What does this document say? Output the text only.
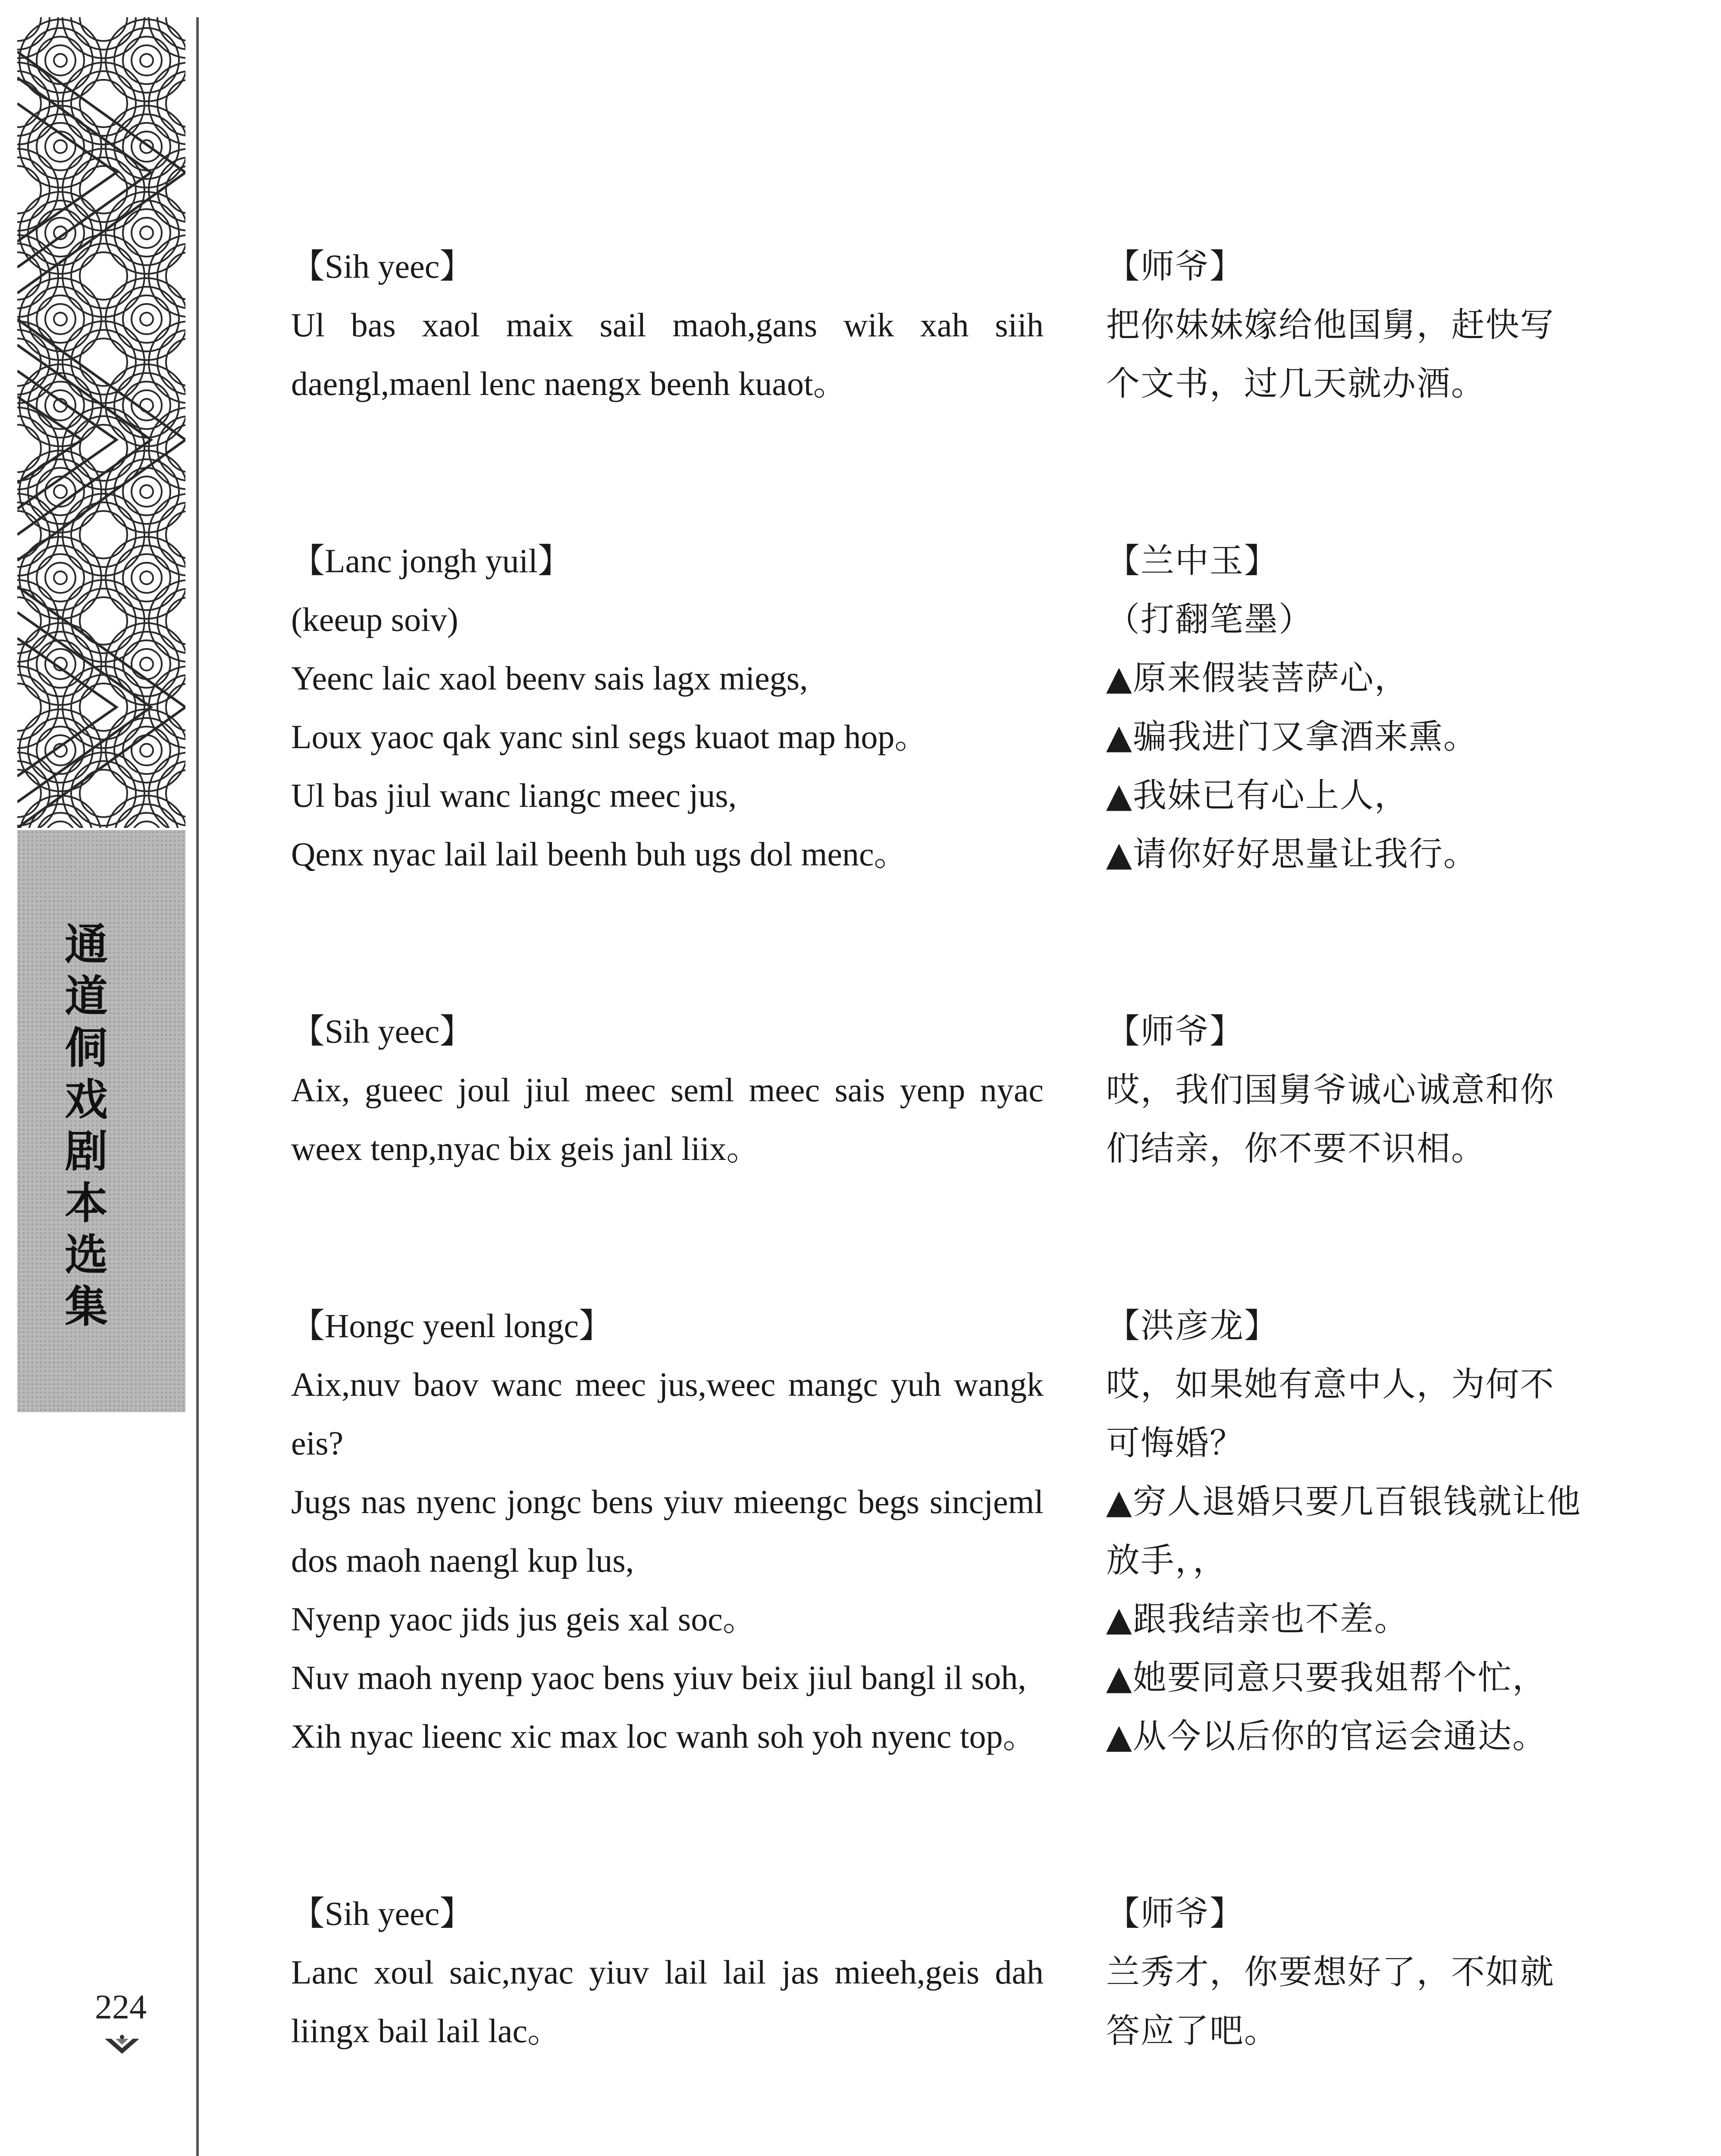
通
道
侗
戏
剧
本
选
集
224
【Sih yeec】
Ul bas xaol maix sail maoh,gans wik xah siih daengl,maenl lenc naengx beenh kuaot。
【师爷】
把你妹妹嫁给他国舅，赶快写个文书，过几天就办酒。
【Lanc jongh yuil】
(keeup soiv)
Yeenc laic xaol beenv sais lagx miegs,
Loux yaoc qak yanc sinl segs kuaot map hop。
Ul bas jiul wanc liangc meec jus,
Qenx nyac lail lail beenh buh ugs dol menc。
【兰中玉】
（打翻笔墨）
▲原来假装菩萨心，
▲骗我进门又拿酒来熏。
▲我妹已有心上人，
▲请你好好思量让我行。
【Sih yeec】
Aix, gueec joul jiul meec seml meec sais yenp nyac weex tenp,nyac bix geis janl liix。
【师爷】
哎，我们国舅爷诚心诚意和你们结亲，你不要不识相。
【Hongc yeenl longc】
Aix,nuv baov wanc meec jus,weec mangc yuh wangk eis?
Jugs nas nyenc jongc bens yiuv mieengc begs sincjeml dos maoh naengl kup lus,
Nyenp yaoc jids jus geis xal soc。
Nuv maoh nyenp yaoc bens yiuv beix jiul bangl il soh,
Xih nyac lieenc xic max loc wanh soh yoh nyenc top。
【洪彦龙】
哎，如果她有意中人，为何不可悔婚？
▲穷人退婚只要几百银钱就让他放手，，
▲跟我结亲也不差。
▲她要同意只要我姐帮个忙，
▲从今以后你的官运会通达。
【Sih yeec】
Lanc xoul saic,nyac yiuv lail lail jas mieeh,geis dah liingx bail lail lac。
【师爷】
兰秀才，你要想好了，不如就答应了吧。
